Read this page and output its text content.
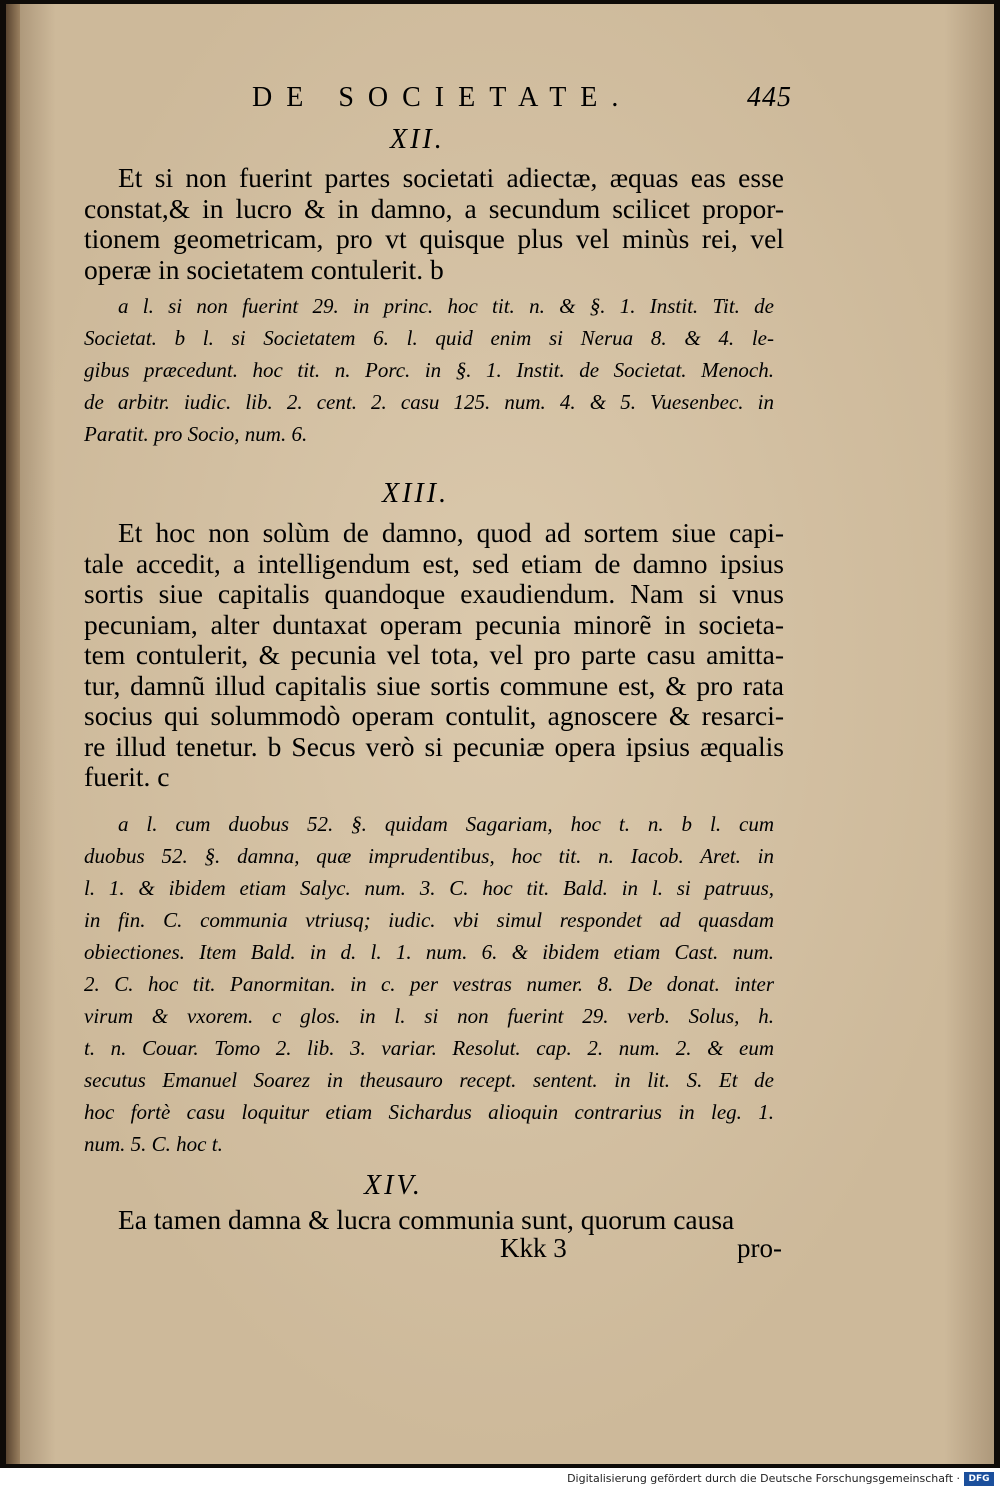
DE SOCIETATE.	445
XII.
Et si non fuerint partes societati adiectæ, æquas eas esse
constat,& in lucro & in damno, a secundum scilicet propor-
tionem geometricam, pro vt quisque plus vel minùs rei, vel
operæ in societatem contulerit. b
a l. si non fuerint 29. in princ. hoc tit. n. & §. 1. Instit. Tit. de
Societat. b l. si Societatem 6. l. quid enim si Nerua 8. & 4. le-
gibus præcedunt. hoc tit. n. Porc. in §. 1. Instit. de Societat. Menoch.
de arbitr. iudic. lib. 2. cent. 2. casu 125. num. 4. & 5. Vuesenbec. in
Paratit. pro Socio, num. 6.
XIII.
Et hoc non solùm de damno, quod ad sortem siue capi-
tale accedit, a intelligendum est, sed etiam de damno ipsius
sortis siue capitalis quandoque exaudiendum. Nam si vnus
pecuniam, alter duntaxat operam pecunia minorẽ in societa-
tem contulerit, & pecunia vel tota, vel pro parte casu amitta-
tur, damnũ illud capitalis siue sortis commune est, & pro rata
socius qui solummodò operam contulit, agnoscere & resarci-
re illud tenetur. b Secus verò si pecuniæ opera ipsius æqualis
fuerit. c
a l. cum duobus 52. §. quidam Sagariam, hoc t. n. b l. cum
duobus 52. §. damna, quæ imprudentibus, hoc tit. n. Iacob. Aret. in
l. 1. & ibidem etiam Salyc. num. 3. C. hoc tit. Bald. in l. si patruus,
in fin. C. communia vtriusq; iudic. vbi simul respondet ad quasdam
obiectiones. Item Bald. in d. l. 1. num. 6. & ibidem etiam Cast. num.
2. C. hoc tit. Panormitan. in c. per vestras numer. 8. De donat. inter
virum & vxorem. c glos. in l. si non fuerint 29. verb. Solus, h.
t. n. Couar. Tomo 2. lib. 3. variar. Resolut. cap. 2. num. 2. & eum
secutus Emanuel Soarez in theusauro recept. sentent. in lit. S. Et de
hoc fortè casu loquitur etiam Sichardus alioquin contrarius in leg. 1.
num. 5. C. hoc t.
XIV.
Ea tamen damna & lucra communia sunt, quorum causa
Kkk 3	pro-
Digitalisierung gefördert durch die Deutsche Forschungsgemeinschaft · DFG
